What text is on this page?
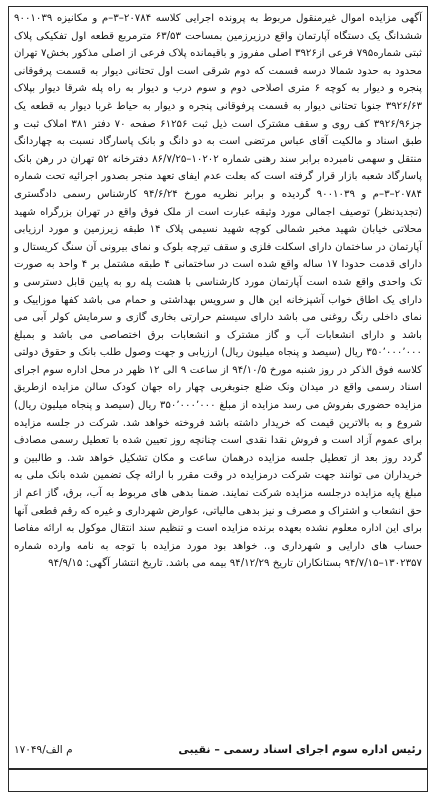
آگهی مزایده اموال غیرمنقول مربوط به پرونده اجرایی کلاسه ۲۰۷۸۴–۳–م و مکانیزه ۹۰۰۱۰۳۹ ششدانگ یک دستگاه آپارتمان واقع درزیرزمین بمساحت ۶۳/۵۳ مترمربع قطعه اول تفکیکی پلاک ثبتی شماره۷۹۵ فرعی از۳۹۲۶ اصلی مفروز و باقیمانده پلاک فرعی از اصلی مذکور بخش۷ تهران محدود به حدود شمالا درسه قسمت که دوم شرقی است اول تحتانی دیوار به قسمت پرفوقانی پنجره و دیوار به کوچه ۶ متری اصلاحی دوم و سوم درب و دیوار به راه پله شرقا دیوار بپلاک ۳۹۲۶/۶۳ جنوبا تحتانی دیوار به قسمت پرفوقانی پنجره و دیوار به حیاط غربا دیوار به قطعه یک جز۳۹۲۶/۹۶ کف روی و سقف مشترک است ذیل ثبت ۶۱۲۵۶ صفحه ۷۰ دفتر ۳۸۱ املاک ثبت و طبق اسناد و مالکیت آقای عباس مرتضی است به دو دانگ و بانک پاسارگاد نسبت به چهاردانگ منتقل و سهمی نامبرده برابر سند رهنی شماره ۱۰۲۰۲–۸۶/۷/۲۵ دفترخانه ۵۲ تهران در رهن بانک پاسارگاد شعبه بازار قرار گرفته است که بعلت عدم ایفای تعهد منجر بصدور اجرائیه تحت شماره ۲۰۷۸۴–۳–م و ۹۰۰۱۰۳۹ گردیده و برابر نظریه مورخ ۹۴/۶/۲۴ کارشناس رسمی دادگستری (تجدیدنظر) توصیف اجمالی مورد وثیقه عبارت است از ملک فوق واقع در تهران بزرگراه شهید محلاتی خیابان شهید مخبر شمالی کوچه شهید نسیمی پلاک ۱۴ طبقه زیرزمین و مورد ارزیابی آپارتمان در ساختمان دارای اسکلت فلزی و سقف تیرچه بلوک و نمای بیرونی آن سنگ کریستال و دارای قدمت حدودا ۱۷ ساله واقع شده است در ساختمانی ۴ طبقه مشتمل بر ۴ واحد به صورت تک واحدی واقع شده است آپارتمان مورد کارشناسی با هشت پله رو به پایین قابل دسترسی و دارای یک اطاق خواب آشپزخانه این هال و سرویس بهداشتی و حمام می باشد کفها موزاییک و نمای داخلی رنگ روغنی می باشد دارای سیستم حرارتی بخاری گازی و سرمایش کولر آبی می باشد و دارای انشعابات آب و گاز مشترک و انشعابات برق اختصاصی می باشد و بمبلغ ۳۵۰٬۰۰۰٬۰۰۰ ریال (سیصد و پنجاه میلیون ریال) ارزیابی و جهت وصول طلب بانک و حقوق دولتی کلاسه فوق الذکر در روز شنبه مورخ ۹۴/۱۰/۵ از ساعت ۹ الی ۱۲ ظهر در محل اداره سوم اجرای اسناد رسمی واقع در میدان ونک ضلع جنوبغربی چهار راه جهان کودک سالن مزایده ازطریق مزایده حضوری بفروش می رسد مزایده از مبلغ ۳۵۰٬۰۰۰٬۰۰۰ ریال (سیصد و پنجاه میلیون ریال) شروع و به بالاترین قیمت که خریدار داشته باشد فروخته خواهد شد. شرکت در جلسه مزایده برای عموم آزاد است و فروش نقدا نقدی است چنانچه روز تعیین شده با تعطیل رسمی مصادف گردد روز بعد از تعطیل جلسه مزایده درهمان ساعت و مکان تشکیل خواهد شد. و طالبین و خریداران می توانند جهت شرکت درمزایده در وقت مقرر با ارائه چک تضمین شده بانک ملی به مبلغ پایه مزایده درجلسه مزایده شرکت نمایند. ضمنا بدهی های مربوط به آب، برق، گاز اعم از حق انشعاب و اشتراک و مصرف و نیز بدهی مالیاتی، عوارض شهرداری و غیره که رقم قطعی آنها برای این اداره معلوم نشده بعهده برنده مزایده است و تنظیم سند انتقال موکول به ارائه مفاصا حساب های دارایی و شهرداری و.. خواهد بود مورد مزایده با توجه به نامه وارده شماره ۱۳۰۲۳۵۷–۹۴/۷/۱۵ بستانکاران تاریخ ۹۴/۱۲/۲۹ بیمه می باشد. تاریخ انتشار آگهی: ۹۴/۹/۱۵

رئیس اداره سوم اجرای اسناد رسمی – نقیبی
م الف/۱۷۰۴۹
